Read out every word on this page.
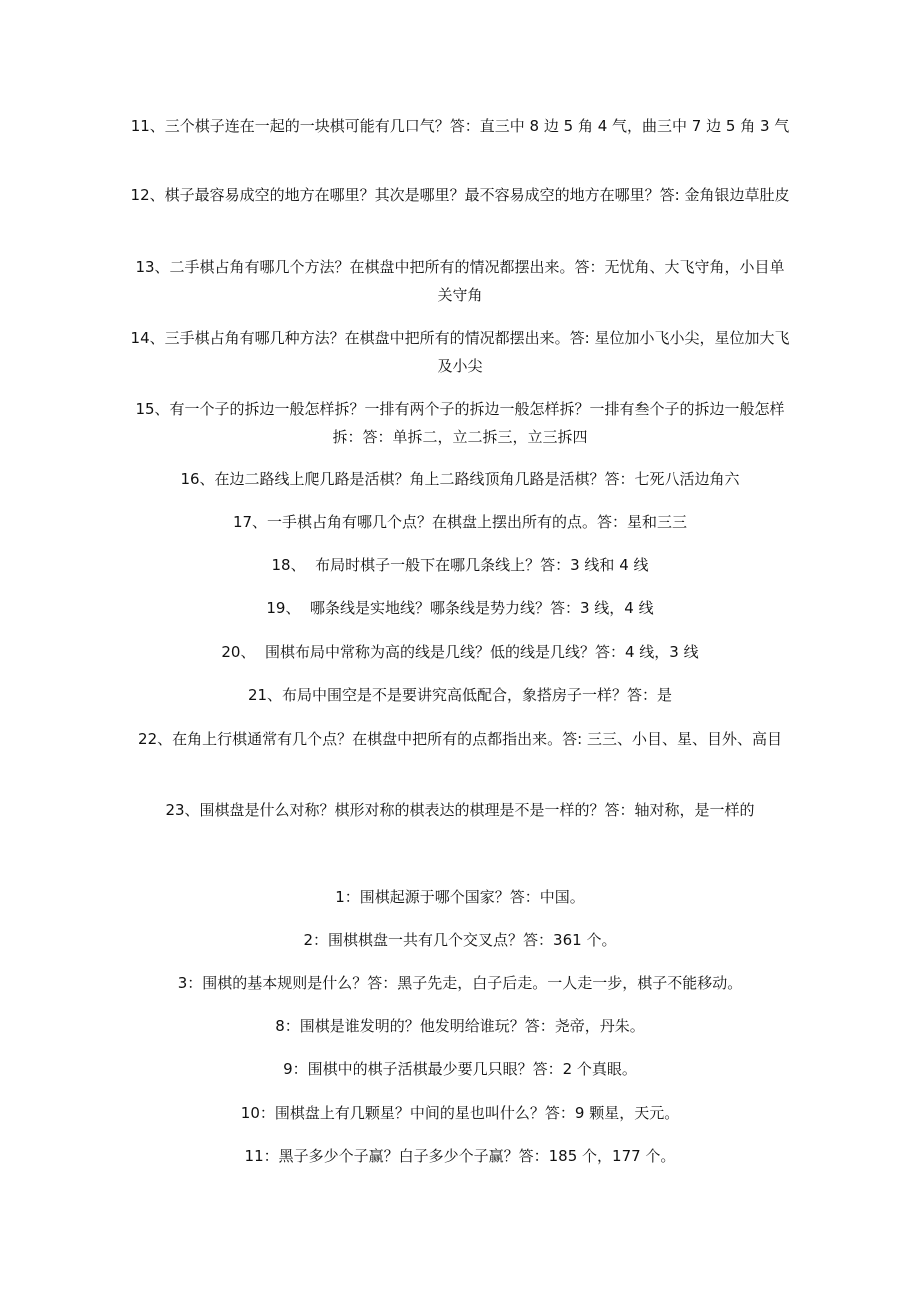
11、三个棋子连在一起的一块棋可能有几口气？答：直三中 8 边 5 角 4 气，曲三中 7 边 5 角 3 气

12、棋子最容易成空的地方在哪里？其次是哪里？最不容易成空的地方在哪里？答: 金角银边草肚皮

13、二手棋占角有哪几个方法？在棋盘中把所有的情况都摆出来。答：无忧角、大飞守角，小目单关守角

14、三手棋占角有哪几种方法？在棋盘中把所有的情况都摆出来。答: 星位加小飞小尖，星位加大飞及小尖

15、有一个子的拆边一般怎样拆？一排有两个子的拆边一般怎样拆？一排有叁个子的拆边一般怎样拆：答：单拆二，立二拆三，立三拆四

16、在边二路线上爬几路是活棋？角上二路线顶角几路是活棋？答：七死八活边角六

17、一手棋占角有哪几个点？在棋盘上摆出所有的点。答：星和三三

18、  布局时棋子一般下在哪几条线上？答：3 线和 4 线

19、  哪条线是实地线？哪条线是势力线？答：3 线，4 线

20、  围棋布局中常称为高的线是几线？低的线是几线？答：4 线，3 线

21、布局中围空是不是要讲究高低配合，象搭房子一样？答：是

22、在角上行棋通常有几个点？在棋盘中把所有的点都指出来。答: 三三、小目、星、目外、高目

23、围棋盘是什么对称？棋形对称的棋表达的棋理是不是一样的？答：轴对称，是一样的

1：围棋起源于哪个国家？答：中国。

2：围棋棋盘一共有几个交叉点？答：361 个。

3：围棋的基本规则是什么？答：黑子先走，白子后走。一人走一步，棋子不能移动。

8：围棋是谁发明的？他发明给谁玩？答：尧帝，丹朱。

9：围棋中的棋子活棋最少要几只眼？答：2 个真眼。

10：围棋盘上有几颗星？中间的星也叫什么？答：9 颗星，天元。

11：黑子多少个子赢？白子多少个子赢？答：185 个，177 个。
